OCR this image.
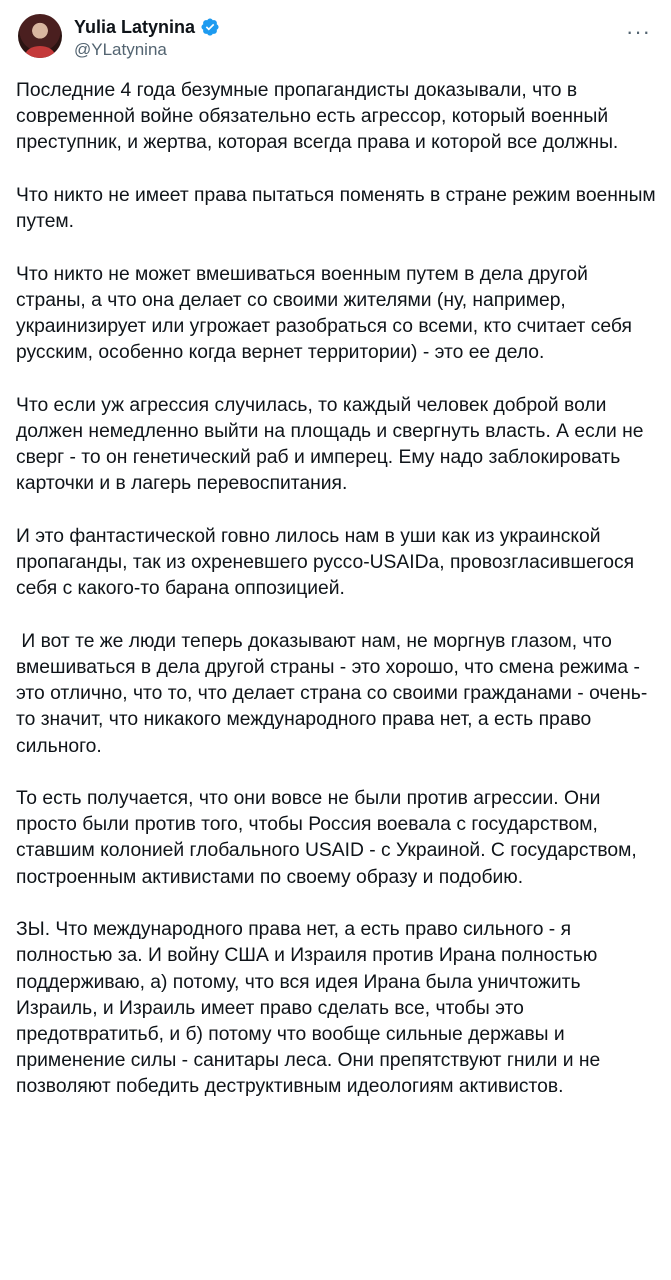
Yulia Latynina
@YLatynina
···

Последние 4 года безумные пропагандисты доказывали, что в современной войне обязательно есть агрессор, который военный преступник, и жертва, которая всегда права и которой все должны.

Что никто не имеет права пытаться поменять в стране режим военным путем.

Что никто не может вмешиваться военным путем в дела другой страны, а что она делает со своими жителями (ну, например, украинизирует или угрожает разобраться со всеми, кто считает себя русским, особенно когда вернет территории) - это ее дело.

Что если уж агрессия случилась, то каждый человек доброй воли должен немедленно выйти на площадь и свергнуть власть. А если не сверг - то он генетический раб и имперец. Ему надо заблокировать карточки и в лагерь перевоспитания.

И это фантастической говно лилось нам в уши как из украинской пропаганды, так из охреневшего руссо-USAIDа, провозгласившегося себя с какого-то барана оппозицией.

И вот те же люди теперь доказывают нам, не моргнув глазом, что вмешиваться в дела другой страны - это хорошо, что смена режима - это отлично, что то, что делает страна со своими гражданами - очень-то значит, что никакого международного права нет, а есть право сильного.

То есть получается, что они вовсе не были против агрессии. Они просто были против того, чтобы Россия воевала с государством, ставшим колонией глобального USAID - с Украиной. С государством, построенным активистами по своему образу и подобию.

ЗЫ. Что международного права нет, а есть право сильного - я полностью за. И войну США и Израиля против Ирана полностью поддерживаю, а) потому, что вся идея Ирана была уничтожить Израиль, и Израиль имеет право сделать все, чтобы это предотвратитьб, и б) потому что вообще сильные державы и применение силы - санитары леса. Они препятствуют гнили и не позволяют победить деструктивным идеологиям активистов.
